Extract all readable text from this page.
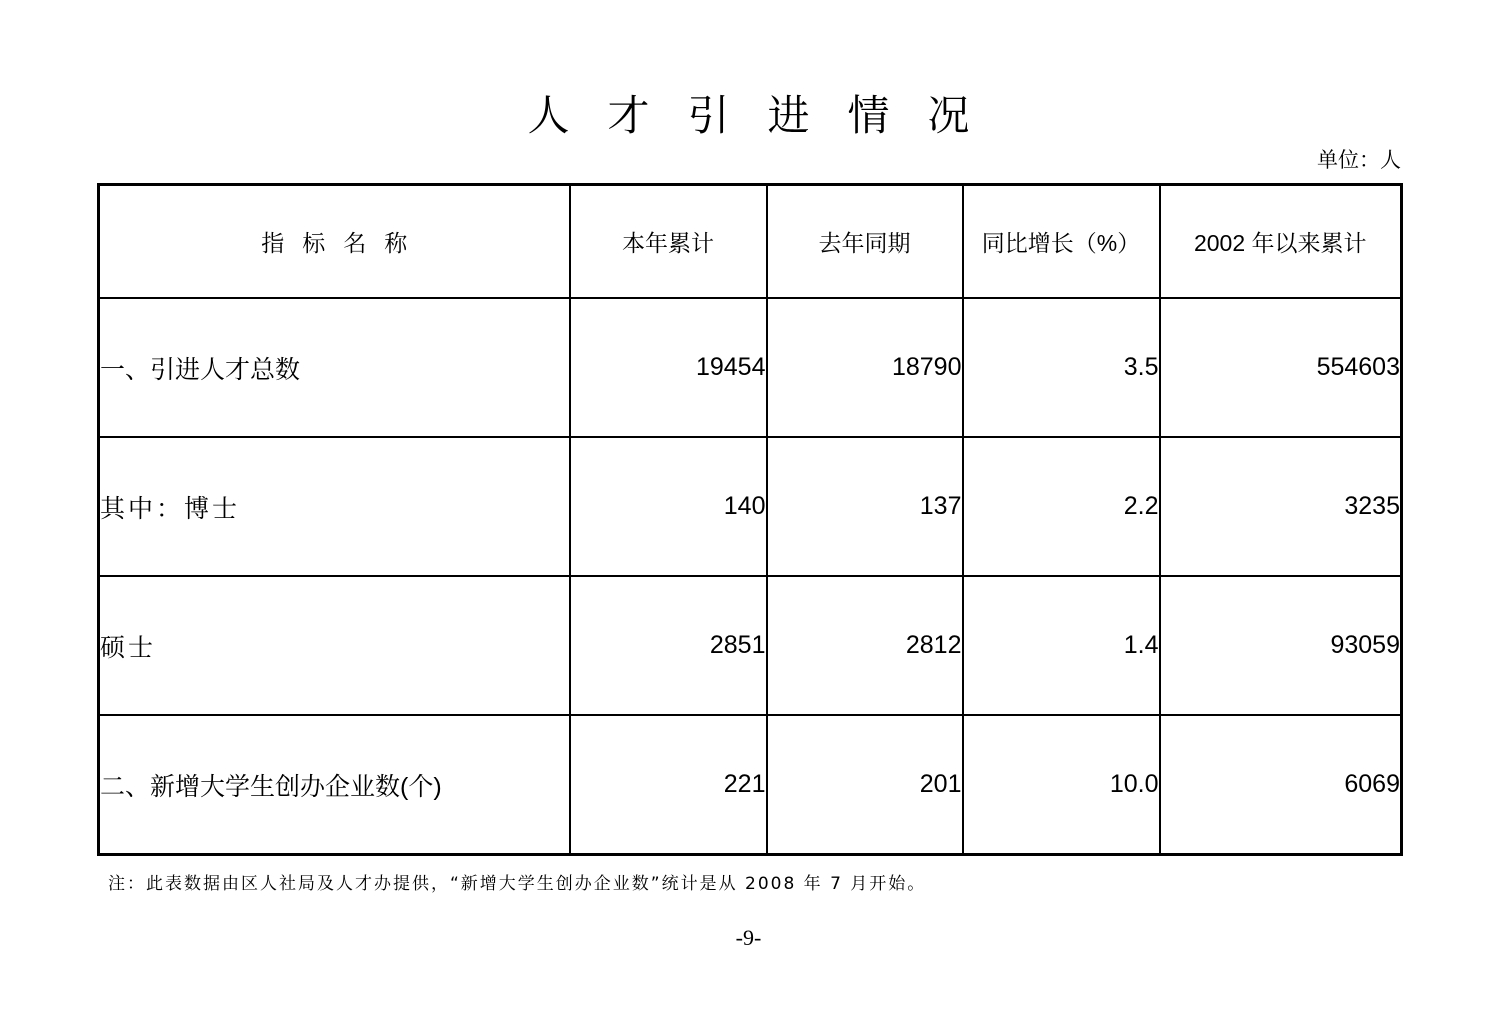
人才引进情况
单位：人
指标名称	本年累计	去年同期	同比增长（%）	2002 年以来累计
一、引进人才总数	19454	18790	3.5	554603
其中：博士	140	137	2.2	3235
硕士	2851	2812	1.4	93059
二、新增大学生创办企业数(个)	221	201	10.0	6069
注：此表数据由区人社局及人才办提供，“新增大学生创办企业数”统计是从 2008 年 7 月开始。
-9-
